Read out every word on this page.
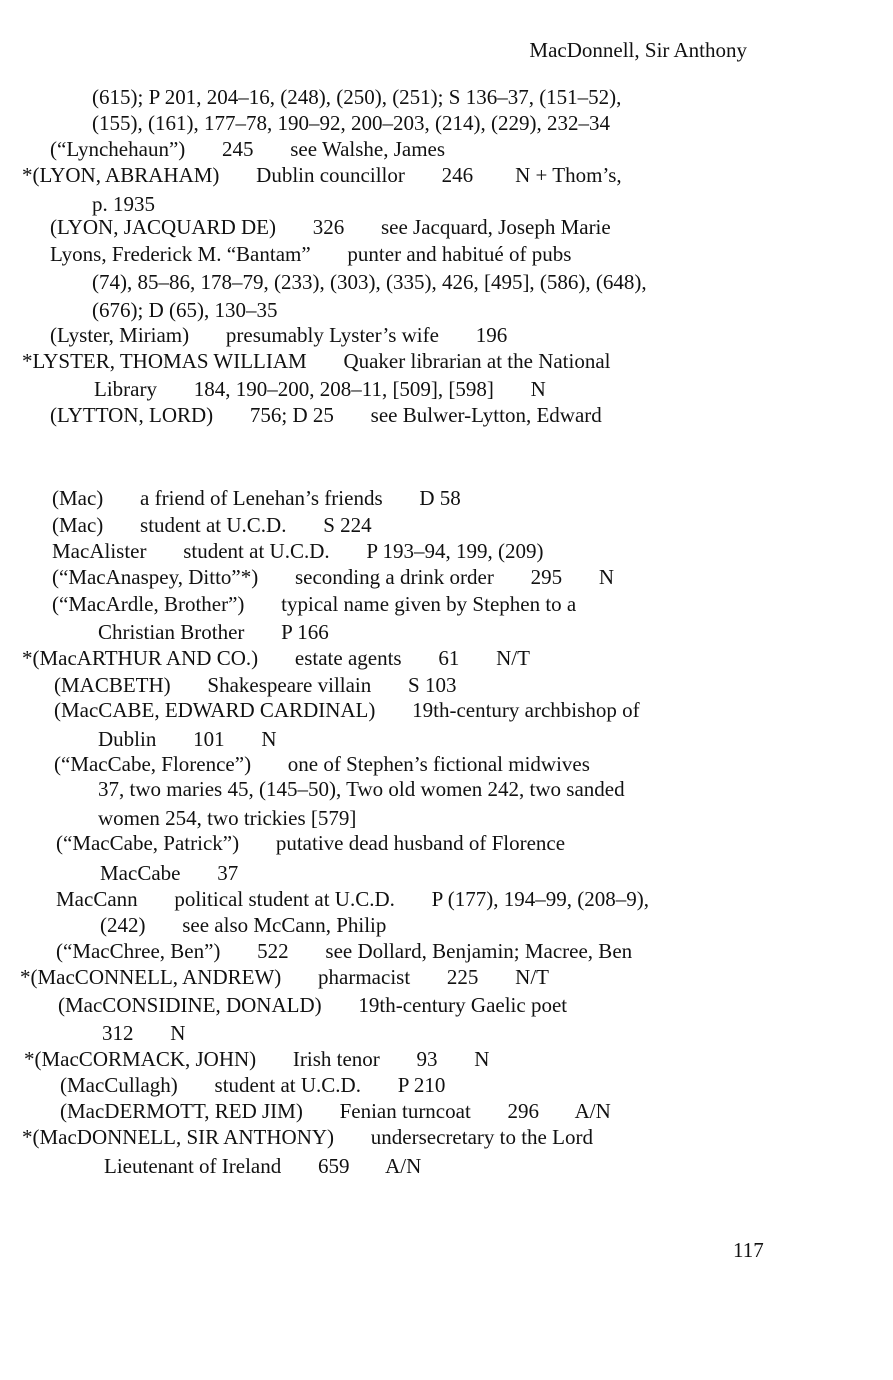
MacDonnell, Sir Anthony
(615); P 201, 204–16, (248), (250), (251); S 136–37, (151–52),
(155), (161), 177–78, 190–92, 200–203, (214), (229), 232–34
(“Lynchehaun”)       245       see Walshe, James
*(LYON, ABRAHAM)       Dublin councillor       246        N + Thom’s,
p. 1935
(LYON, JACQUARD DE)       326       see Jacquard, Joseph Marie
Lyons, Frederick M. “Bantam”       punter and habitué of pubs
(74), 85–86, 178–79, (233), (303), (335), 426, [495], (586), (648),
(676); D (65), 130–35
(Lyster, Miriam)       presumably Lyster’s wife       196
*LYSTER, THOMAS WILLIAM       Quaker librarian at the National
Library       184, 190–200, 208–11, [509], [598]       N
(LYTTON, LORD)       756; D 25       see Bulwer-Lytton, Edward
(Mac)       a friend of Lenehan’s friends       D 58
(Mac)       student at U.C.D.       S 224
MacAlister       student at U.C.D.       P 193–94, 199, (209)
(“MacAnaspey, Ditto”*)       seconding a drink order       295       N
(“MacArdle, Brother”)       typical name given by Stephen to a
Christian Brother       P 166
*(MacARTHUR AND CO.)       estate agents       61       N/T
(MACBETH)       Shakespeare villain       S 103
(MacCABE, EDWARD CARDINAL)       19th-century archbishop of
Dublin       101       N
(“MacCabe, Florence”)       one of Stephen’s fictional midwives
37, two maries 45, (145–50), Two old women 242, two sanded
women 254, two trickies [579]
(“MacCabe, Patrick”)       putative dead husband of Florence
MacCabe       37
MacCann       political student at U.C.D.       P (177), 194–99, (208–9),
(242)       see also McCann, Philip
(“MacChree, Ben”)       522       see Dollard, Benjamin; Macree, Ben
*(MacCONNELL, ANDREW)       pharmacist       225       N/T
(MacCONSIDINE, DONALD)       19th-century Gaelic poet
312       N
*(MacCORMACK, JOHN)       Irish tenor       93       N
(MacCullagh)       student at U.C.D.       P 210
(MacDERMOTT, RED JIM)       Fenian turncoat       296       A/N
*(MacDONNELL, SIR ANTHONY)       undersecretary to the Lord
Lieutenant of Ireland       659       A/N
117
